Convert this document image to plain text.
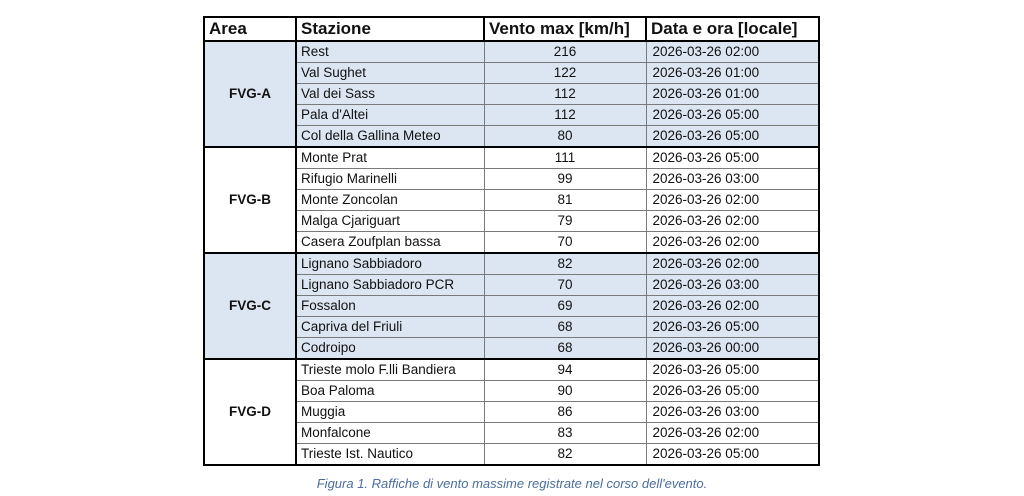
Area	Stazione	Vento max [km/h]	Data e ora [locale]
FVG-A	Rest	216	2026-03-26 02:00
	Val Sughet	122	2026-03-26 01:00
	Val dei Sass	112	2026-03-26 01:00
	Pala d'Altei	112	2026-03-26 05:00
	Col della Gallina Meteo	80	2026-03-26 05:00
FVG-B	Monte Prat	111	2026-03-26 05:00
	Rifugio Marinelli	99	2026-03-26 03:00
	Monte Zoncolan	81	2026-03-26 02:00
	Malga Cjariguart	79	2026-03-26 02:00
	Casera Zoufplan bassa	70	2026-03-26 02:00
FVG-C	Lignano Sabbiadoro	82	2026-03-26 02:00
	Lignano Sabbiadoro PCR	70	2026-03-26 03:00
	Fossalon	69	2026-03-26 02:00
	Capriva del Friuli	68	2026-03-26 05:00
	Codroipo	68	2026-03-26 00:00
FVG-D	Trieste molo F.lli Bandiera	94	2026-03-26 05:00
	Boa Paloma	90	2026-03-26 05:00
	Muggia	86	2026-03-26 03:00
	Monfalcone	83	2026-03-26 02:00
	Trieste Ist. Nautico	82	2026-03-26 05:00
Figura 1. Raffiche di vento massime registrate nel corso dell'evento.
